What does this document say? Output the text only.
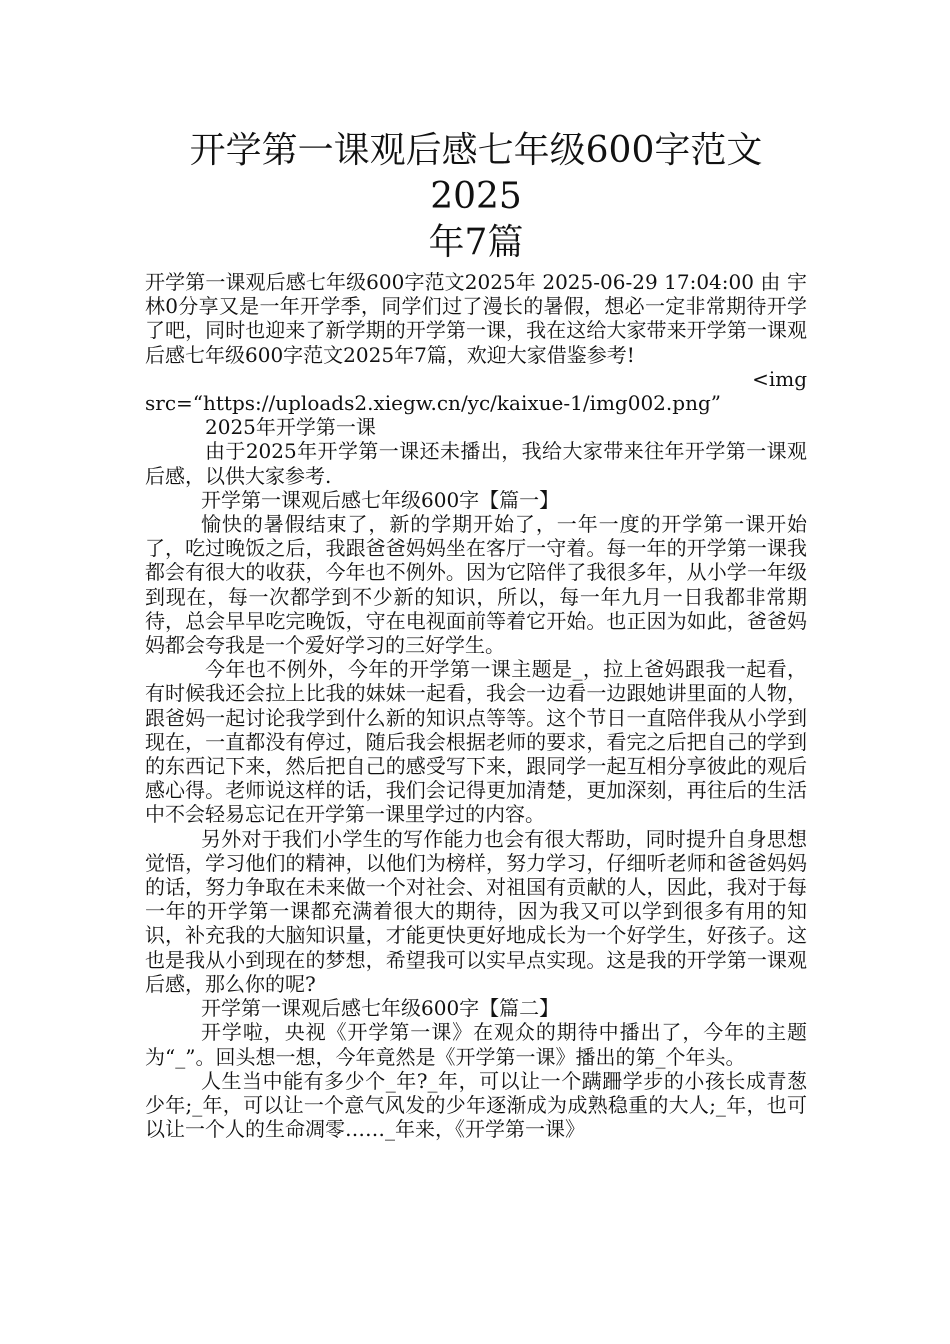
开学第一课观后感七年级600字范文2025
年7篇

开学第一课观后感七年级600字范文2025年 2025-06-29 17:04:00 由 宇林0分享又是一年开学季，同学们过了漫长的暑假，想必一定非常期待开学了吧，同时也迎来了新学期的开学第一课，我在这给大家带来开学第一课观后感七年级600字范文2025年7篇，欢迎大家借鉴参考!

<img

src=“https://uploads2.xiegw.cn/yc/kaixue-1/img002.png”

2025年开学第一课

由于2025年开学第一课还未播出，我给大家带来往年开学第一课观后感，以供大家参考.

开学第一课观后感七年级600字【篇一】

愉快的暑假结束了，新的学期开始了，一年一度的开学第一课开始了，吃过晚饭之后，我跟爸爸妈妈坐在客厅一守着。每一年的开学第一课我都会有很大的收获，今年也不例外。因为它陪伴了我很多年，从小学一年级到现在，每一次都学到不少新的知识，所以，每一年九月一日我都非常期待，总会早早吃完晚饭，守在电视面前等着它开始。也正因为如此，爸爸妈妈都会夸我是一个爱好学习的三好学生。

今年也不例外，今年的开学第一课主题是_，拉上爸妈跟我一起看，有时候我还会拉上比我的妹妹一起看，我会一边看一边跟她讲里面的人物，跟爸妈一起讨论我学到什么新的知识点等等。这个节日一直陪伴我从小学到现在，一直都没有停过，随后我会根据老师的要求，看完之后把自己的学到的东西记下来，然后把自己的感受写下来，跟同学一起互相分享彼此的观后感心得。老师说这样的话，我们会记得更加清楚，更加深刻，再往后的生活中不会轻易忘记在开学第一课里学过的内容。

另外对于我们小学生的写作能力也会有很大帮助，同时提升自身思想觉悟，学习他们的精神，以他们为榜样，努力学习，仔细听老师和爸爸妈妈的话，努力争取在未来做一个对社会、对祖国有贡献的人，因此，我对于每一年的开学第一课都充满着很大的期待，因为我又可以学到很多有用的知识，补充我的大脑知识量，才能更快更好地成长为一个好学生，好孩子。这也是我从小到现在的梦想，希望我可以实早点实现。这是我的开学第一课观后感，那么你的呢?

开学第一课观后感七年级600字【篇二】

开学啦，央视《开学第一课》在观众的期待中播出了，今年的主题为“_”。回头想一想，今年竟然是《开学第一课》播出的第_个年头。

人生当中能有多少个_年?_年，可以让一个蹒跚学步的小孩长成青葱少年;_年，可以让一个意气风发的少年逐渐成为成熟稳重的大人;_年，也可以让一个人的生命凋零……_年来，《开学第一课》
